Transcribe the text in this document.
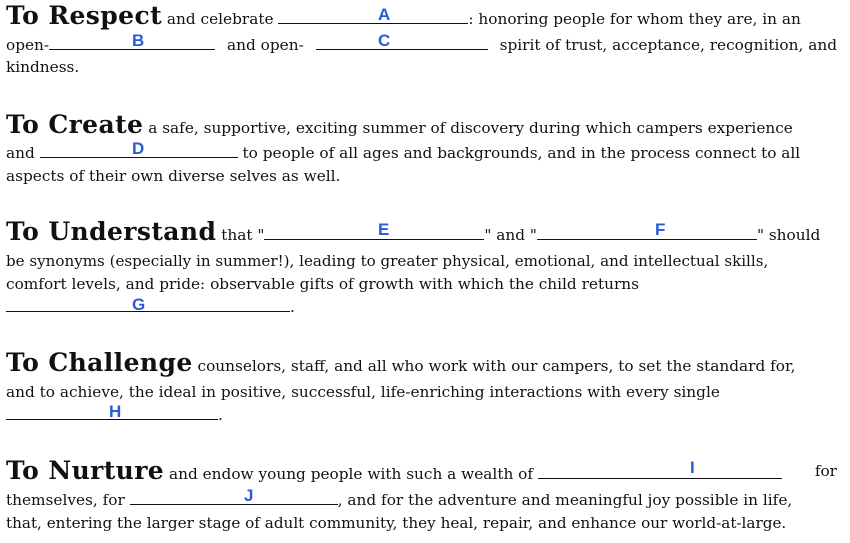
To Respect and celebrate	: honoring people for whom they are, in an
open-	and open-	spirit of trust, acceptance, recognition, and
kindness.
To Create a safe, supportive, exciting summer of discovery during which campers experience
and	to people of all ages and backgrounds, and in the process connect to all
aspects of their own diverse selves as well.
To Understand that "	" and "	" should
be synonyms (especially in summer!), leading to greater physical, emotional, and intellectual skills,
comfort levels, and pride: observable gifts of growth with which the child returns
.
To Challenge counselors, staff, and all who work with our campers, to set the standard for,
and to achieve, the ideal in positive, successful, life-enriching interactions with every single
.
To Nurture and endow young people with such a wealth of	for
themselves, for	, and for the adventure and meaningful joy possible in life,
that, entering the larger stage of adult community, they heal, repair, and enhance our world-at-large.
A
B	C
D
E	F
G
H
I
J
